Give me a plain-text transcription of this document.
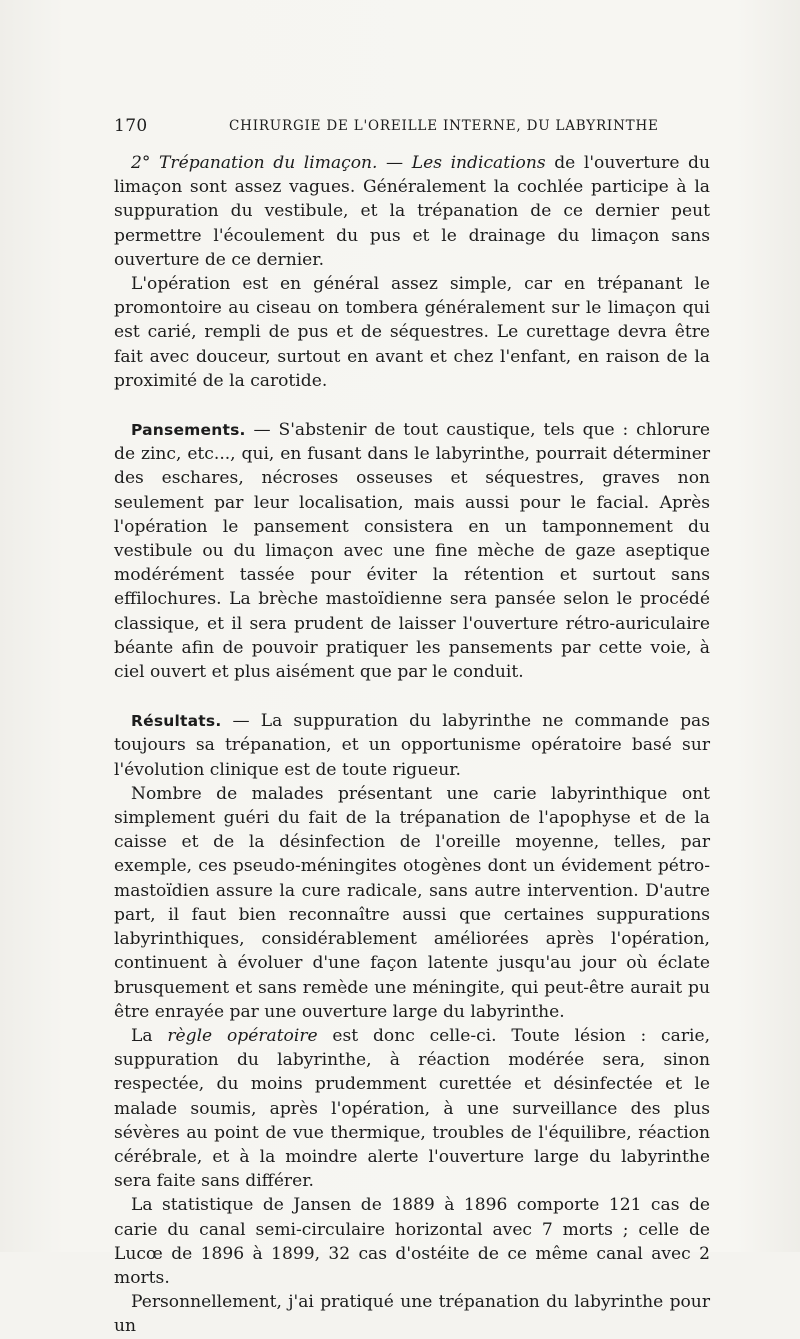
170	CHIRURGIE DE L'OREILLE INTERNE, DU LABYRINTHE

2° Trépanation du limaçon. — Les indications de l'ouverture du limaçon sont assez vagues. Généralement la cochlée participe à la suppuration du vestibule, et la trépanation de ce dernier peut permettre l'écoulement du pus et le drainage du limaçon sans ouverture de ce dernier.

L'opération est en général assez simple, car en trépanant le promontoire au ciseau on tombera généralement sur le limaçon qui est carié, rempli de pus et de séquestres. Le curettage devra être fait avec douceur, surtout en avant et chez l'enfant, en raison de la proximité de la carotide.

Pansements. — S'abstenir de tout caustique, tels que : chlorure de zinc, etc..., qui, en fusant dans le labyrinthe, pourrait déterminer des eschares, nécroses osseuses et séquestres, graves non seulement par leur localisation, mais aussi pour le facial. Après l'opération le pansement consistera en un tamponnement du vestibule ou du limaçon avec une fine mèche de gaze aseptique modérément tassée pour éviter la rétention et surtout sans effilochures. La brèche mastoïdienne sera pansée selon le procédé classique, et il sera prudent de laisser l'ouverture rétro-auriculaire béante afin de pouvoir pratiquer les pansements par cette voie, à ciel ouvert et plus aisément que par le conduit.

Résultats. — La suppuration du labyrinthe ne commande pas toujours sa trépanation, et un opportunisme opératoire basé sur l'évolution clinique est de toute rigueur.

Nombre de malades présentant une carie labyrinthique ont simplement guéri du fait de la trépanation de l'apophyse et de la caisse et de la désinfection de l'oreille moyenne, telles, par exemple, ces pseudo-méningites otogènes dont un évidement pétro-mastoïdien assure la cure radicale, sans autre intervention. D'autre part, il faut bien reconnaître aussi que certaines suppurations labyrinthiques, considérablement améliorées après l'opération, continuent à évoluer d'une façon latente jusqu'au jour où éclate brusquement et sans remède une méningite, qui peut-être aurait pu être enrayée par une ouverture large du labyrinthe.

La règle opératoire est donc celle-ci. Toute lésion : carie, suppuration du labyrinthe, à réaction modérée sera, sinon respectée, du moins prudemment curettée et désinfectée et le malade soumis, après l'opération, à une surveillance des plus sévères au point de vue thermique, troubles de l'équilibre, réaction cérébrale, et à la moindre alerte l'ouverture large du labyrinthe sera faite sans différer.

La statistique de Jansen de 1889 à 1896 comporte 121 cas de carie du canal semi-circulaire horizontal avec 7 morts ; celle de Lucœ de 1896 à 1899, 32 cas d'ostéite de ce même canal avec 2 morts.

Personnellement, j'ai pratiqué une trépanation du labyrinthe pour un
